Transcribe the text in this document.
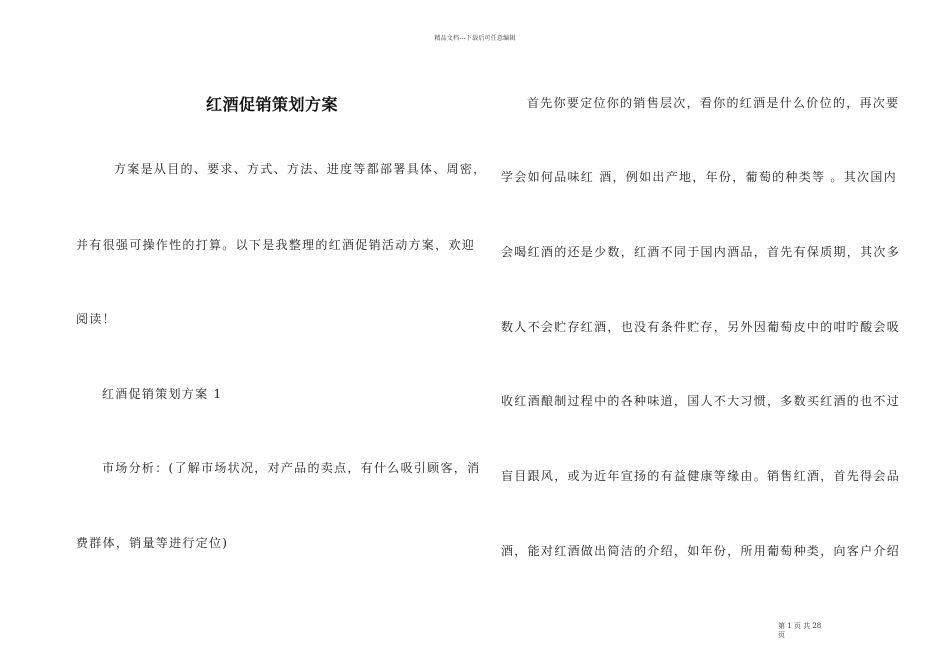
精品文档---下载后可任意编辑
红酒促销策划方案
方案是从目的、要求、方式、方法、进度等都部署具体、周密，
并有很强可操作性的打算。以下是我整理的红酒促销活动方案，欢迎
阅读！
红酒促销策划方案 1
市场分析：(了解市场状况，对产品的卖点，有什么吸引顾客，消
费群体，销量等进行定位)
首先你要定位你的销售层次，看你的红酒是什么价位的，再次要
学会如何品味红 酒，例如出产地，年份，葡萄的种类等 。其次国内
会喝红酒的还是少数，红酒不同于国内酒品，首先有保质期，其次多
数人不会贮存红酒，也没有条件贮存，另外因葡萄皮中的咁咛酸会吸
收红酒酿制过程中的各种味道，国人不大习惯，多数买红酒的也不过
盲目跟风，或为近年宣扬的有益健康等缘由。销售红酒，首先得会品
酒，能对红酒做出简洁的介绍，如年份，所用葡萄种类，向客户介绍
第 1 页 共 28
页
